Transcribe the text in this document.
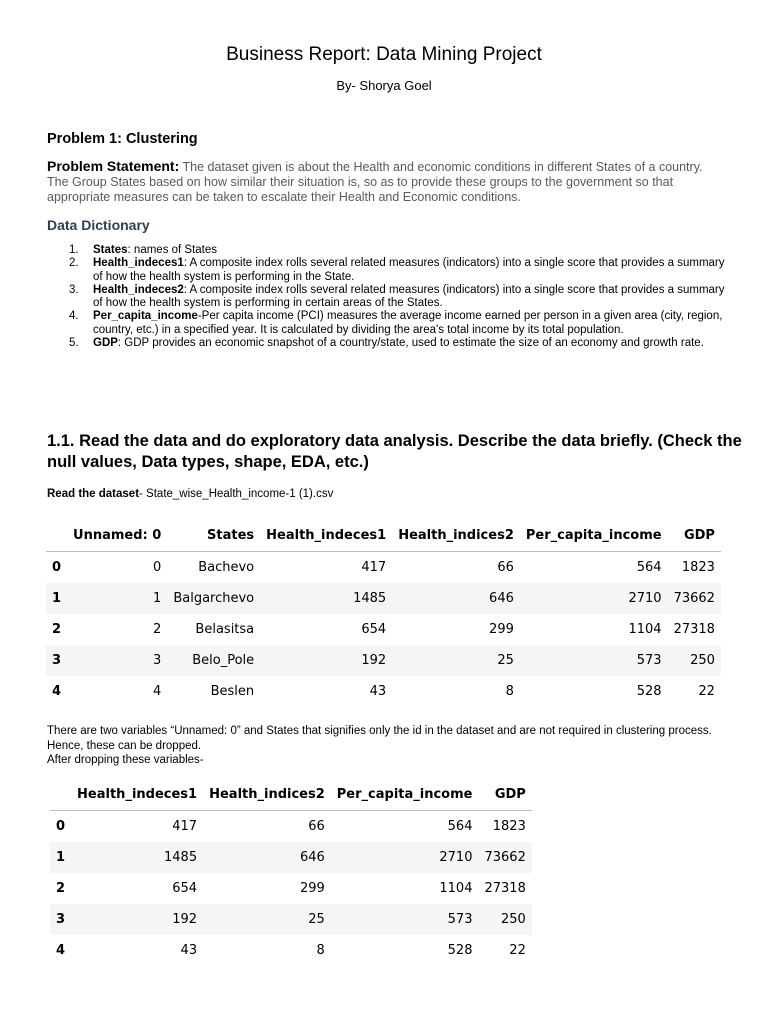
Business Report: Data Mining Project
By- Shorya Goel
Problem 1: Clustering
Problem Statement: The dataset given is about the Health and economic conditions in different States of a country. The Group States based on how similar their situation is, so as to provide these groups to the government so that appropriate measures can be taken to escalate their Health and Economic conditions.
Data Dictionary
1. States: names of States
2. Health_indeces1: A composite index rolls several related measures (indicators) into a single score that provides a summary of how the health system is performing in the State.
3. Health_indeces2: A composite index rolls several related measures (indicators) into a single score that provides a summary of how the health system is performing in certain areas of the States.
4. Per_capita_income-Per capita income (PCI) measures the average income earned per person in a given area (city, region, country, etc.) in a specified year. It is calculated by dividing the area's total income by its total population.
5. GDP: GDP provides an economic snapshot of a country/state, used to estimate the size of an economy and growth rate.
1.1. Read the data and do exploratory data analysis. Describe the data briefly. (Check the null values, Data types, shape, EDA, etc.)
Read the dataset- State_wise_Health_income-1 (1).csv
	Unnamed: 0	States	Health_indeces1	Health_indices2	Per_capita_income	GDP
0	0	Bachevo	417	66	564	1823
1	1	Balgarchevo	1485	646	2710	73662
2	2	Belasitsa	654	299	1104	27318
3	3	Belo_Pole	192	25	573	250
4	4	Beslen	43	8	528	22
There are two variables “Unnamed: 0” and States that signifies only the id in the dataset and are not required in clustering process. Hence, these can be dropped.
After dropping these variables-
	Health_indeces1	Health_indices2	Per_capita_income	GDP
0	417	66	564	1823
1	1485	646	2710	73662
2	654	299	1104	27318
3	192	25	573	250
4	43	8	528	22
